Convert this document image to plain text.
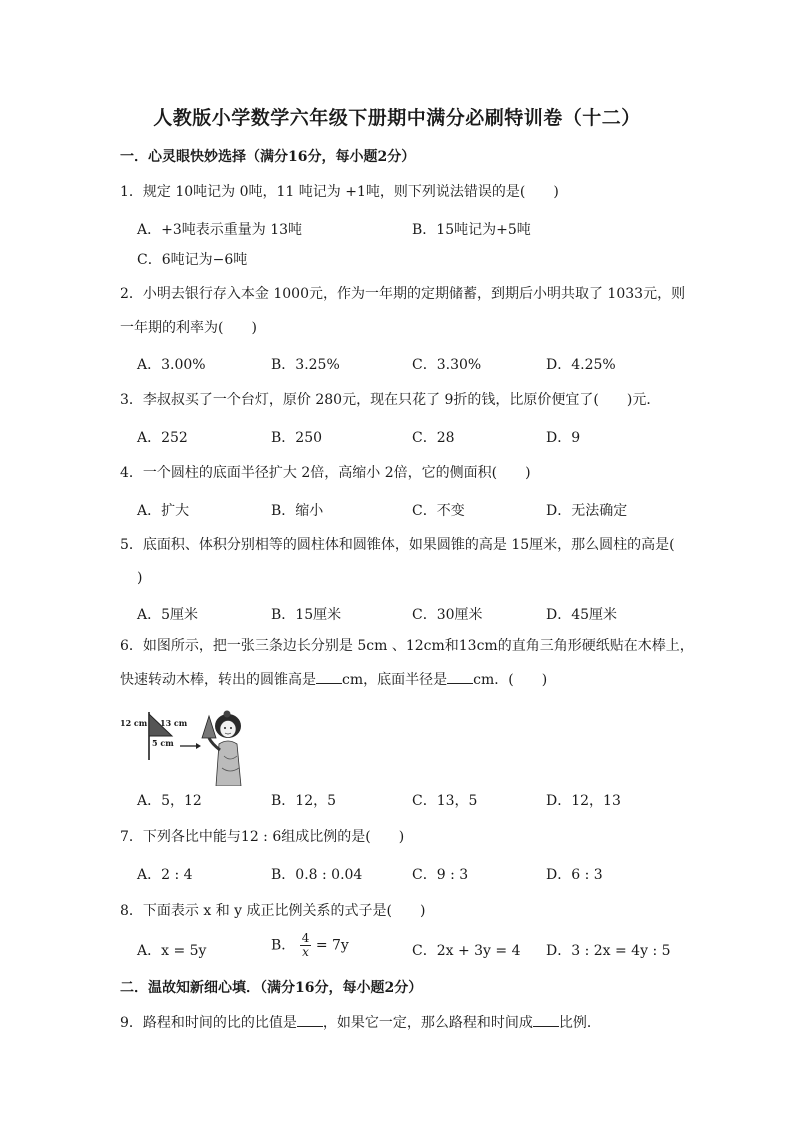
人教版小学数学六年级下册期中满分必刷特训卷（十二）
一．心灵眼快妙选择（满分16分，每小题2分）
1．规定 10吨记为 0吨，11 吨记为 +1吨，则下列说法错误的是(　　)
A．+3吨表示重量为 13吨	B．15吨记为+5吨
C．6吨记为−6吨
2．小明去银行存入本金 1000元，作为一年期的定期储蓄，到期后小明共取了 1033元，则
一年期的利率为(　　)
A．3.00%	B．3.25%	C．3.30%	D．4.25%
3．李叔叔买了一个台灯，原价 280元，现在只花了 9折的钱，比原价便宜了(　　)元．
A．252	B．250	C．28	D．9
4．一个圆柱的底面半径扩大 2倍，高缩小 2倍，它的侧面积(　　)
A．扩大	B．缩小	C．不变	D．无法确定
5．底面积、体积分别相等的圆柱体和圆锥体，如果圆锥的高是 15厘米，那么圆柱的高是(
)
A．5厘米	B．15厘米	C．30厘米	D．45厘米
6．如图所示，把一张三条边长分别是 5cm 、12cm和13cm的直角三角形硬纸贴在木棒上，
快速转动木棒，转出的圆锥高是 cm，底面半径是 cm．(　　)
12 cm 13 cm
5 cm
A．5，12	B．12，5	C．13，5	D．12，13
7．下列各比中能与12 : 6组成比例的是(　　)
A．2 : 4	B．0.8 : 0.04	C．9 : 3	D．6 : 3
8．下面表示 x 和 y 成正比例关系的式子是(　　)
A．x = 5y	B． $\frac{4}{x} = 7y$	C．2x + 3y = 4 D．3 : 2x = 4y : 5
二．温故知新细心填．（满分16分，每小题2分）
9．路程和时间的比的比值是 ，如果它一定，那么路程和时间成 比例．
